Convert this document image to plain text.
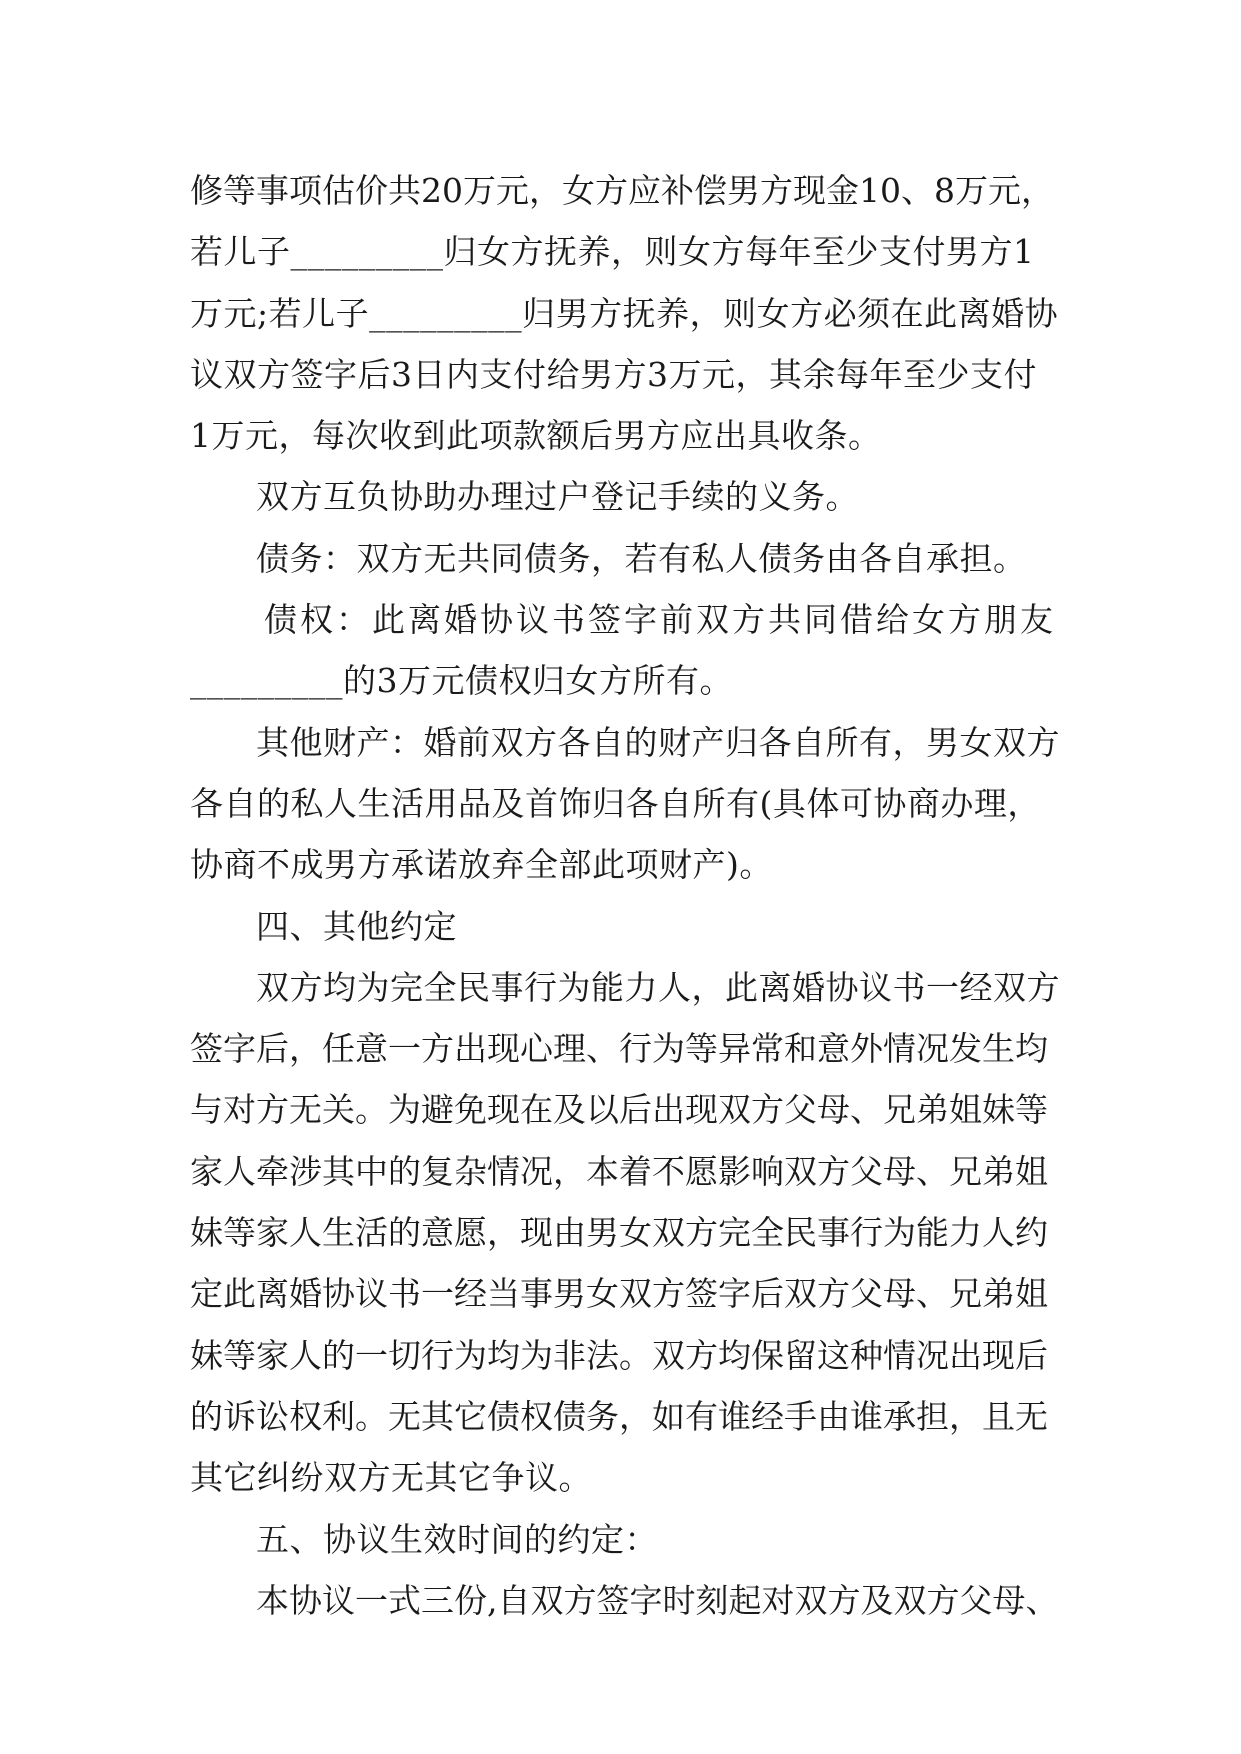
修等事项估价共20万元，女方应补偿男方现金10、8万元，
若儿子_________归女方抚养，则女方每年至少支付男方1
万元;若儿子_________归男方抚养，则女方必须在此离婚协
议双方签字后3日内支付给男方3万元，其余每年至少支付
1万元，每次收到此项款额后男方应出具收条。
双方互负协助办理过户登记手续的义务。
债务：双方无共同债务，若有私人债务由各自承担。
债权：此离婚协议书签字前双方共同借给女方朋友
_________的3万元债权归女方所有。
其他财产：婚前双方各自的财产归各自所有，男女双方
各自的私人生活用品及首饰归各自所有(具体可协商办理，
协商不成男方承诺放弃全部此项财产)。
四、其他约定
双方均为完全民事行为能力人，此离婚协议书一经双方
签字后，任意一方出现心理、行为等异常和意外情况发生均
与对方无关。为避免现在及以后出现双方父母、兄弟姐妹等
家人牵涉其中的复杂情况，本着不愿影响双方父母、兄弟姐
妹等家人生活的意愿，现由男女双方完全民事行为能力人约
定此离婚协议书一经当事男女双方签字后双方父母、兄弟姐
妹等家人的一切行为均为非法。双方均保留这种情况出现后
的诉讼权利。无其它债权债务，如有谁经手由谁承担，且无
其它纠纷双方无其它争议。
五、协议生效时间的约定：
本协议一式三份,自双方签字时刻起对双方及双方父母、
